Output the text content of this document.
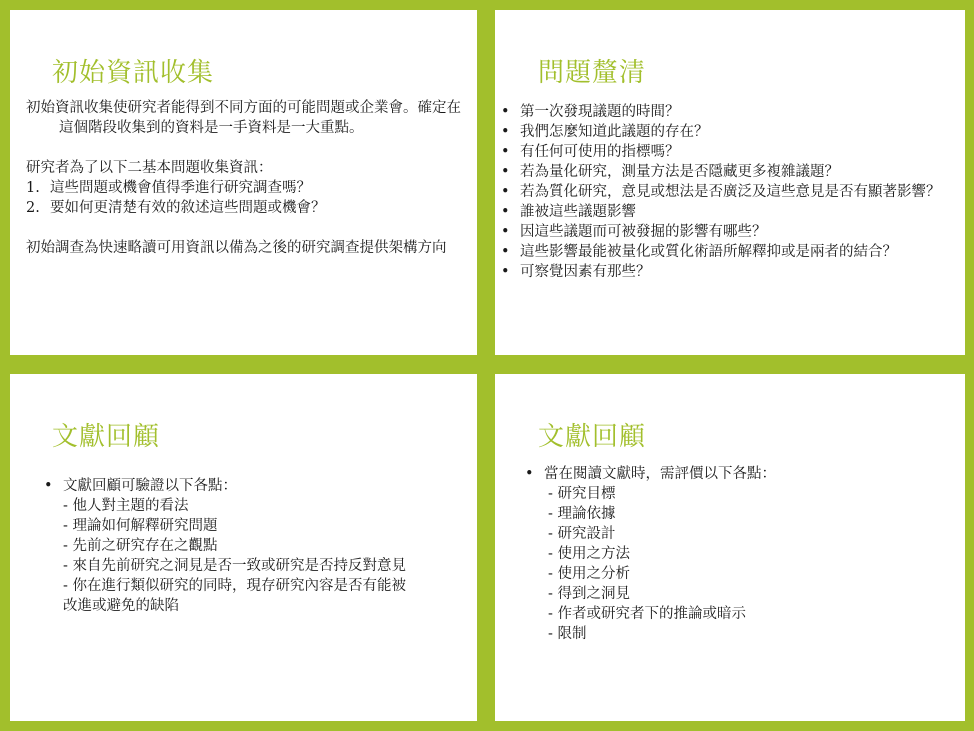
初始資訊收集

初始資訊收集使研究者能得到不同方面的可能問題或企業會。確定在這個階段收集到的資料是一手資料是一大重點。

研究者為了以下二基本問題收集資訊：

1. 這些問題或機會值得季進行研究調查嗎？
2. 要如何更清楚有效的敘述這些問題或機會？

初始調查為快速略讀可用資訊以備為之後的研究調查提供架構方向

問題釐清
• 第一次發現議題的時間？
• 我們怎麼知道此議題的存在？
• 有任何可使用的指標嗎？
• 若為量化研究，測量方法是否隱藏更多複雜議題？
• 若為質化研究，意見或想法是否廣泛及這些意見是否有顯著影響？
• 誰被這些議題影響
• 因這些議題而可被發掘的影響有哪些？
• 這些影響最能被量化或質化術語所解釋抑或是兩者的結合？
• 可察覺因素有那些？
文獻回顧
• 文獻回顧可驗證以下各點：
- 他人對主題的看法
- 理論如何解釋研究問題
- 先前之研究存在之觀點
- 來自先前研究之洞見是否一致或研究是否持反對意見
- 你在進行類似研究的同時，現存研究內容是否有能被
改進或避免的缺陷
文獻回顧
• 當在閱讀文獻時，需評價以下各點：
- 研究目標
- 理論依據
- 研究設計
- 使用之方法
- 使用之分析
- 得到之洞見
- 作者或研究者下的推論或暗示
- 限制
